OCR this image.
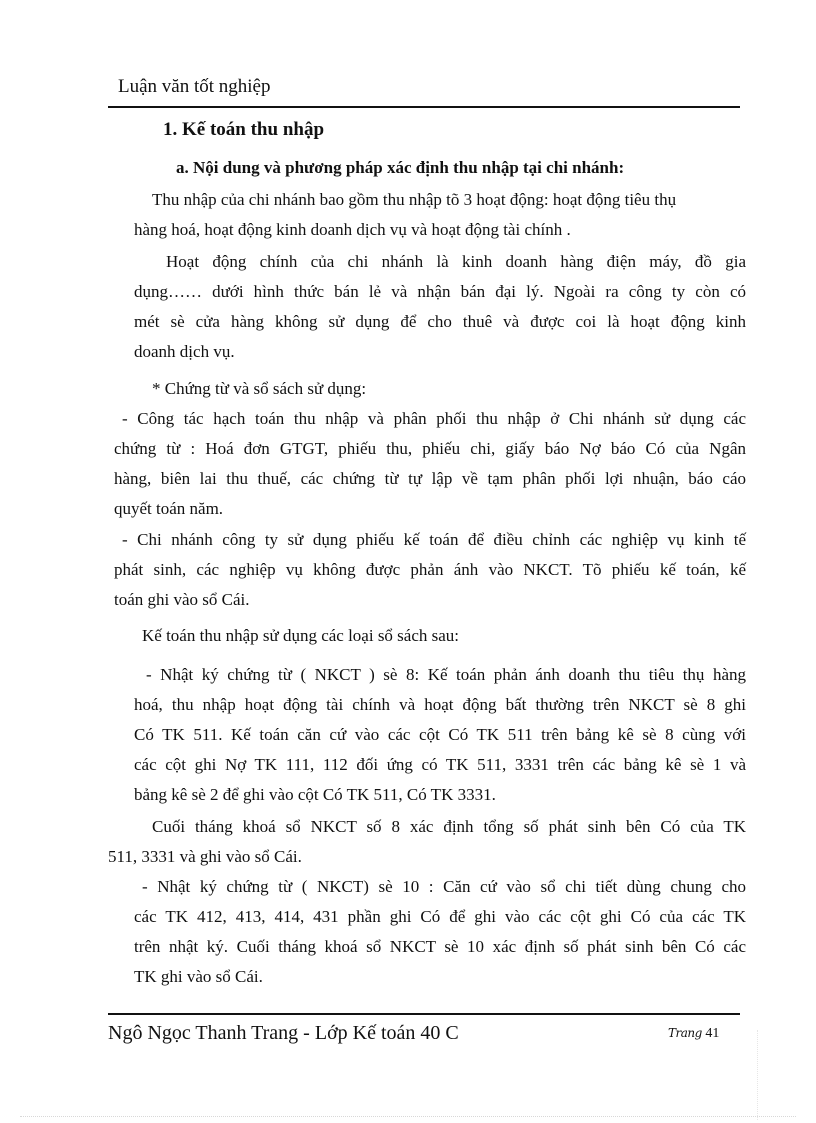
Luận văn tốt nghiệp
1. Kế toán thu nhập
a. Nội dung và phương pháp xác định thu nhập tại chi nhánh:
Thu nhập của chi nhánh bao gồm thu nhập tõ 3 hoạt động: hoạt động tiêu thụ
hàng hoá, hoạt động kinh doanh dịch vụ và hoạt động tài chính .
Hoạt động chính của chi nhánh là kinh doanh hàng điện máy, đồ gia
dụng…… dưới hình thức bán lẻ và nhận bán đại lý. Ngoài ra công ty còn có
mét sè cửa hàng không sử dụng để cho thuê và được coi là hoạt động kinh
doanh dịch vụ.
* Chứng từ và sổ sách sử dụng:
- Công tác hạch toán thu nhập và phân phối thu nhập ở Chi nhánh sử dụng các
chứng từ : Hoá đơn GTGT, phiếu thu, phiếu chi, giấy báo Nợ báo Có của Ngân
hàng, biên lai thu thuế, các chứng từ tự lập về tạm phân phối lợi nhuận, báo cáo
quyết toán năm.
- Chi nhánh công ty sử dụng phiếu kế toán để điều chỉnh các nghiệp vụ kinh tế
phát sinh, các nghiệp vụ không được phản ánh vào NKCT. Tõ phiếu kế toán, kế
toán ghi vào sổ Cái.
Kế toán thu nhập sử dụng các loại sổ sách sau:
- Nhật ký chứng từ ( NKCT ) sè 8: Kế toán phản ánh doanh thu tiêu thụ hàng
hoá, thu nhập hoạt động tài chính và hoạt động bất thường trên NKCT sè 8 ghi
Có TK 511. Kế toán căn cứ vào các cột Có TK 511 trên bảng kê sè 8 cùng với
các cột ghi Nợ TK 111, 112 đối ứng có TK 511, 3331 trên các bảng kê sè 1 và
bảng kê sè 2 để ghi vào cột Có TK 511, Có TK 3331.
Cuối tháng khoá sổ NKCT số 8 xác định tổng số phát sinh bên Có của TK
511, 3331 và ghi vào sổ Cái.
- Nhật ký chứng từ ( NKCT) sè 10 : Căn cứ vào sổ chi tiết dùng chung cho
các TK 412, 413, 414, 431 phần ghi Có để ghi vào các cột ghi Có của các TK
trên nhật ký. Cuối tháng khoá sổ NKCT sè 10 xác định số phát sinh bên Có các
TK ghi vào sổ Cái.
Ngô Ngọc Thanh Trang - Lớp Kế toán 40 C	Trang 41
